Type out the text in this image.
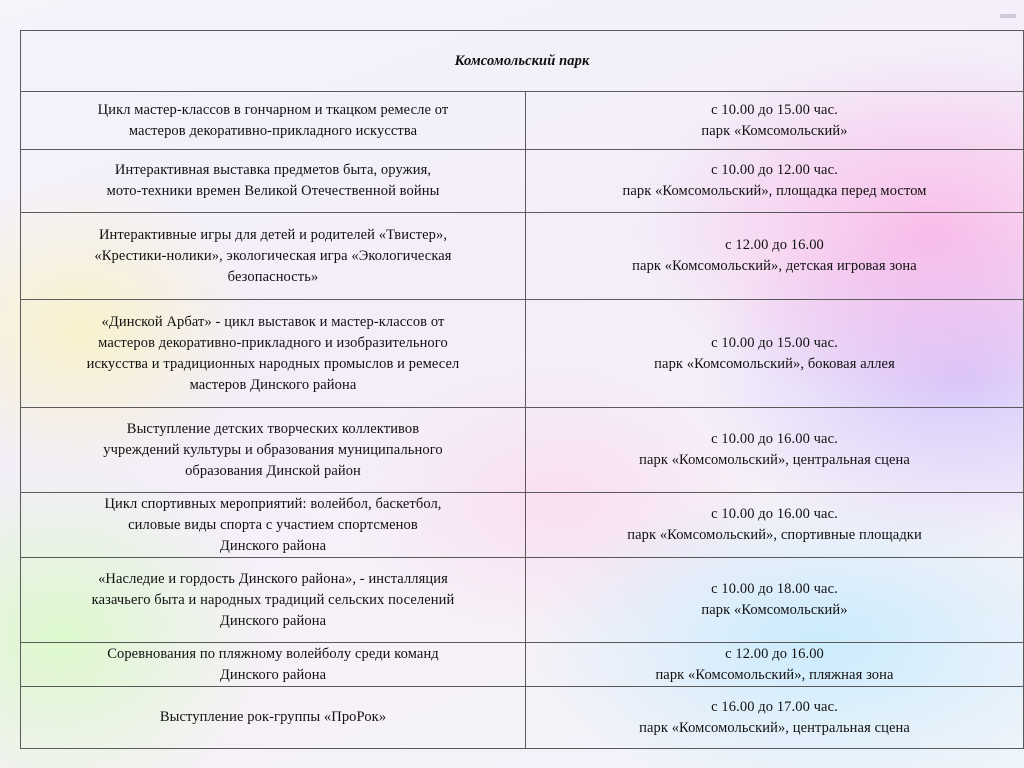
Комсомольский парк	

Цикл мастер-классов в гончарном и ткацком ремесле от
мастеров декоративно-прикладного искусства	с 10.00 до 15.00 час.
парк «Комсомольский»

Интерактивная выставка предметов быта, оружия,
мото-техники времен Великой Отечественной войны	с 10.00 до 12.00 час.
парк «Комсомольский», площадка перед мостом

Интерактивные игры для детей и родителей «Твистер»,
«Крестики-нолики», экологическая игра «Экологическая
безопасность»	с 12.00 до 16.00
парк «Комсомольский», детская игровая зона

«Динской Арбат» - цикл выставок и мастер-классов от
мастеров декоративно-прикладного и изобразительного
искусства и традиционных народных промыслов и ремесел
мастеров Динского района	с 10.00 до 15.00 час.
парк «Комсомольский», боковая аллея

Выступление детских творческих коллективов
учреждений культуры и образования муниципального
образования Динской район	с 10.00 до 16.00 час.
парк «Комсомольский», центральная сцена

Цикл спортивных мероприятий: волейбол, баскетбол,
силовые виды спорта с участием спортсменов
Динского района	с 10.00 до 16.00 час.
парк «Комсомольский», спортивные площадки

«Наследие и гордость Динского района», - инсталляция
казачьего быта и народных традиций сельских поселений
Динского района	с 10.00 до 18.00 час.
парк «Комсомольский»

Соревнования по пляжному волейболу среди команд
Динского района	с 12.00 до 16.00
парк «Комсомольский», пляжная зона

Выступление рок-группы «ПроРок»	с 16.00 до 17.00 час.
парк «Комсомольский», центральная сцена
